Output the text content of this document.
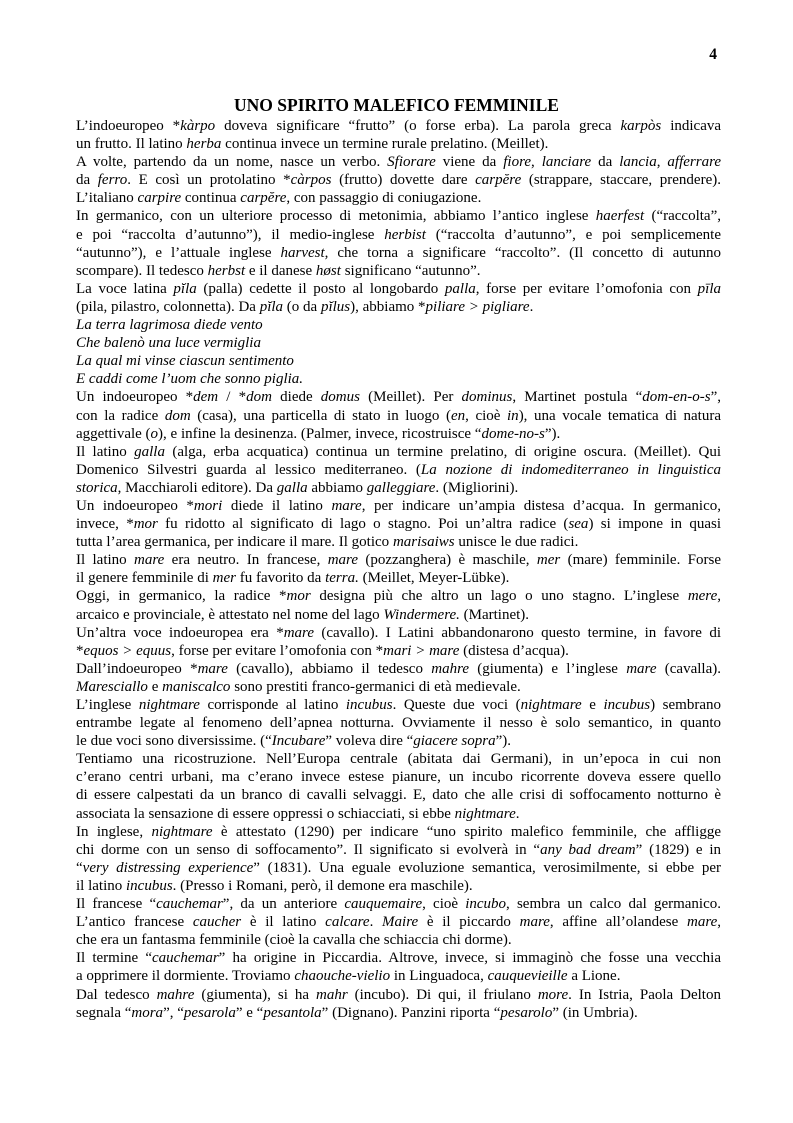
4
UNO SPIRITO MALEFICO FEMMINILE
L’indoeuropeo *kàrpo doveva significare “frutto” (o forse erba). La parola greca karpòs indicava
un frutto. Il latino herba continua invece un termine rurale prelatino. (Meillet).
A volte, partendo da un nome, nasce un verbo. Sfiorare viene da fiore, lanciare da lancia, afferrare
da ferro. E così un protolatino *càrpos (frutto) dovette dare carpĕre (strappare, staccare, prendere).
L’italiano carpire continua carpĕre, con passaggio di coniugazione.
In germanico, con un ulteriore processo di metonimia, abbiamo l’antico inglese haerfest (“raccolta”,
e poi “raccolta d’autunno”), il medio-inglese herbist (“raccolta d’autunno”, e poi semplicemente
“autunno”), e l’attuale inglese harvest, che torna a significare “raccolto”. (Il concetto di autunno
scompare). Il tedesco herbst e il danese høst significano “autunno”.
La voce latina pĭla (palla) cedette il posto al longobardo palla, forse per evitare l’omofonia con pīla
(pila, pilastro, colonnetta). Da pĭla (o da pĭlus), abbiamo *piliare > pigliare.
La terra lagrimosa diede vento
Che balenò una luce vermiglia
La qual mi vinse ciascun sentimento
E caddi come l’uom che sonno piglia.
Un indoeuropeo *dem / *dom diede domus (Meillet). Per dominus, Martinet postula “dom-en-o-s”,
con la radice dom (casa), una particella di stato in luogo (en, cioè in), una vocale tematica di natura
aggettivale (o), e infine la desinenza. (Palmer, invece, ricostruisce “dome-no-s”).
Il latino galla (alga, erba acquatica) continua un termine prelatino, di origine oscura. (Meillet). Qui
Domenico Silvestri guarda al lessico mediterraneo. (La nozione di indomediterraneo in linguistica
storica, Macchiaroli editore). Da galla abbiamo galleggiare. (Migliorini).
Un indoeuropeo *mori diede il latino mare, per indicare un’ampia distesa d’acqua. In germanico,
invece, *mor fu ridotto al significato di lago o stagno. Poi un’altra radice (sea) si impone in quasi
tutta l’area germanica, per indicare il mare. Il gotico marisaiws unisce le due radici.
Il latino mare era neutro. In francese, mare (pozzanghera) è maschile, mer (mare) femminile. Forse
il genere femminile di mer fu favorito da terra. (Meillet, Meyer-Lübke).
Oggi, in germanico, la radice *mor designa più che altro un lago o uno stagno. L’inglese mere,
arcaico e provinciale, è attestato nel nome del lago Windermere. (Martinet).
Un’altra voce indoeuropea era *mare (cavallo). I Latini abbandonarono questo termine, in favore di
*equos > equus, forse per evitare l’omofonia con *mari > mare (distesa d’acqua).
Dall’indoeuropeo *mare (cavallo), abbiamo il tedesco mahre (giumenta) e l’inglese mare (cavalla).
Maresciallo e maniscalco sono prestiti franco-germanici di età medievale.
L’inglese nightmare corrisponde al latino incubus. Queste due voci (nightmare e incubus) sembrano
entrambe legate al fenomeno dell’apnea notturna. Ovviamente il nesso è solo semantico, in quanto
le due voci sono diversissime. (“Incubare” voleva dire “giacere sopra”).
Tentiamo una ricostruzione. Nell’Europa centrale (abitata dai Germani), in un’epoca in cui non
c’erano centri urbani, ma c’erano invece estese pianure, un incubo ricorrente doveva essere quello
di essere calpestati da un branco di cavalli selvaggi. E, dato che alle crisi di soffocamento notturno è
associata la sensazione di essere oppressi o schiacciati, si ebbe nightmare.
In inglese, nightmare è attestato (1290) per indicare “uno spirito malefico femminile, che affligge
chi dorme con un senso di soffocamento”. Il significato si evolverà in “any bad dream” (1829) e in
“very distressing experience” (1831). Una eguale evoluzione semantica, verosimilmente, si ebbe per
il latino incubus. (Presso i Romani, però, il demone era maschile).
Il francese “cauchemar”, da un anteriore cauquemaire, cioè incubo, sembra un calco dal germanico.
L’antico francese caucher è il latino calcare. Maire è il piccardo mare, affine all’olandese mare,
che era un fantasma femminile (cioè la cavalla che schiaccia chi dorme).
Il termine “cauchemar” ha origine in Piccardia. Altrove, invece, si immaginò che fosse una vecchia
a opprimere il dormiente. Troviamo chaouche-vielio in Linguadoca, cauquevieille a Lione.
Dal tedesco mahre (giumenta), si ha mahr (incubo). Di qui, il friulano more. In Istria, Paola Delton
segnala “mora”, “pesarola” e “pesantola” (Dignano). Panzini riporta “pesarolo” (in Umbria).
